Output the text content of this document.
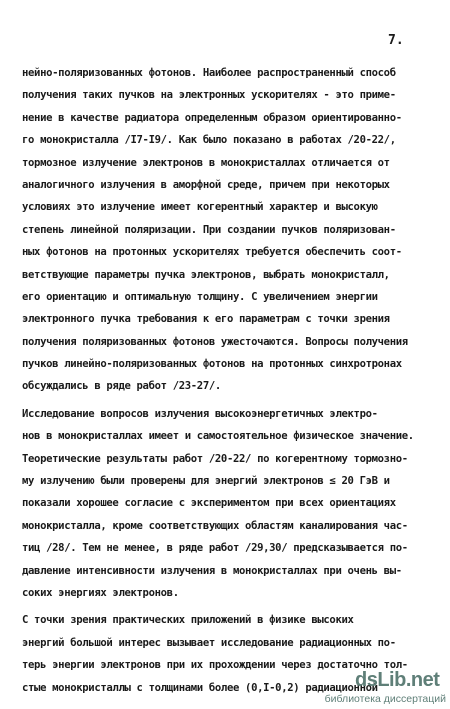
7.
нейно-поляризованных фотонов. Наиболее распространенный способ
получения таких пучков на электронных ускорителях - это приме-
нение в качестве радиатора определенным образом ориентированно-
го монокристалла /I7-I9/. Как было показано в работах /20-22/,
тормозное излучение электронов в монокристаллах отличается от
аналогичного излучения в аморфной среде, причем при некоторых
условиях это излучение имеет когерентный характер и высокую
степень линейной поляризации. При создании пучков поляризован-
ных фотонов на протонных ускорителях требуется обеспечить соот-
ветствующие параметры пучка электронов, выбрать монокристалл,
его ориентацию и оптимальную толщину. С увеличением энергии
электронного пучка требования к его параметрам с точки зрения
получения поляризованных фотонов ужесточаются. Вопросы получения
пучков линейно-поляризованных фотонов на протонных синхротронах
обсуждались в ряде работ /23-27/.
Исследование вопросов излучения высокоэнергетичных электро-
нов в монокристаллах имеет и самостоятельное физическое значение.
Теоретические результаты работ /20-22/ по когерентному тормозно-
му излучению были проверены для энергий электронов ≤ 20 ГэВ и
показали хорошее согласие с экспериментом при всех ориентациях
монокристалла, кроме соответствующих областям каналирования час-
тиц /28/. Тем не менее, в ряде работ /29,30/ предсказывается по-
давление интенсивности излучения в монокристаллах при очень вы-
соких энергиях электронов.
С точки зрения практических приложений в физике высоких
энергий большой интерес вызывает исследование радиационных по-
терь энергии электронов при их прохождении через достаточно тол-
стые монокристаллы с толщинами более (0,I-0,2) радиационной
dsLib.net
библиотека диссертаций
